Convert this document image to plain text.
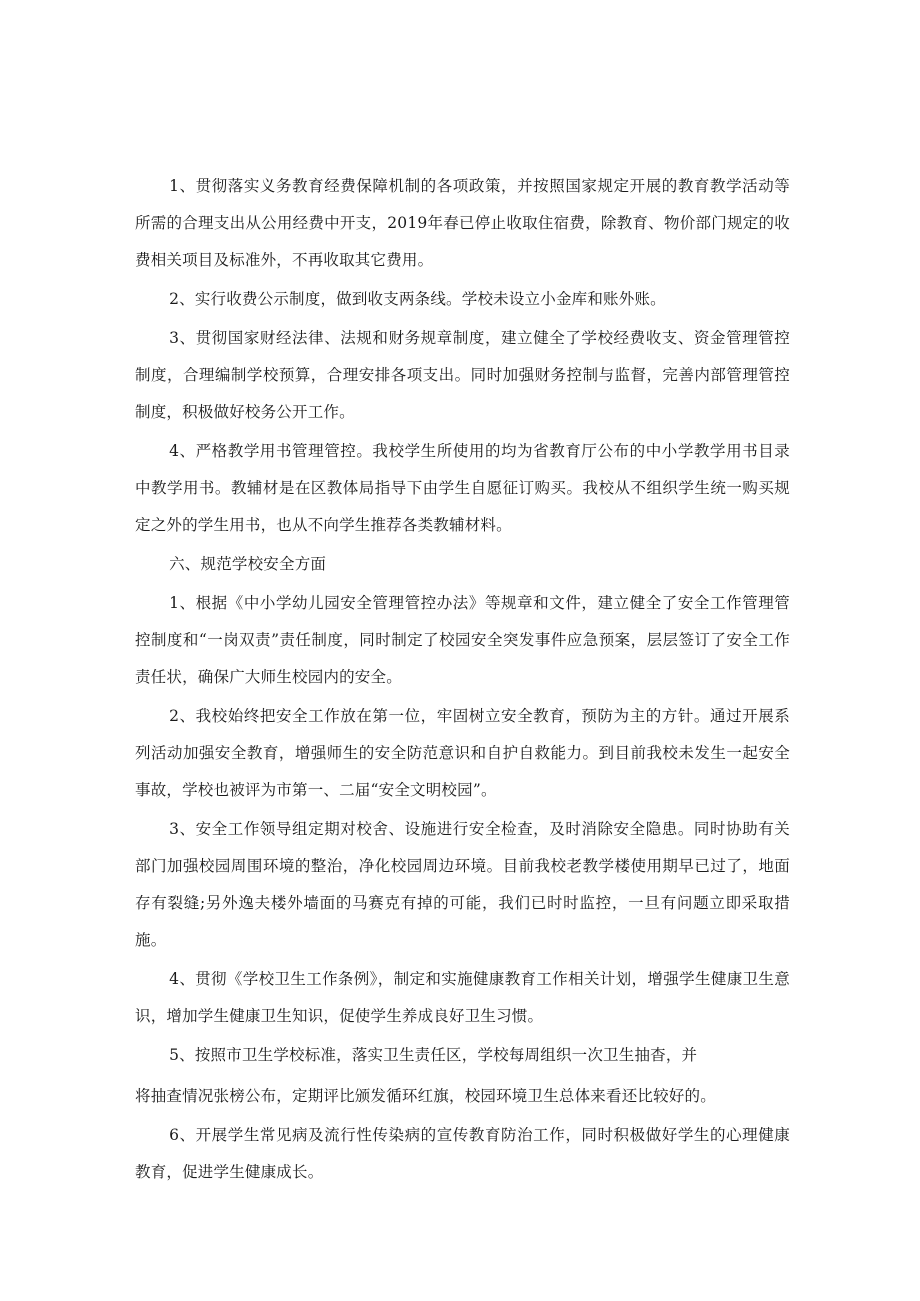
1、贯彻落实义务教育经费保障机制的各项政策，并按照国家规定开展的教育教学活动等所需的合理支出从公用经费中开支，2019年春已停止收取住宿费，除教育、物价部门规定的收费相关项目及标准外，不再收取其它费用。

2、实行收费公示制度，做到收支两条线。学校未设立小金库和账外账。

3、贯彻国家财经法律、法规和财务规章制度，建立健全了学校经费收支、资金管理管控制度，合理编制学校预算，合理安排各项支出。同时加强财务控制与监督，完善内部管理管控制度，积极做好校务公开工作。

4、严格教学用书管理管控。我校学生所使用的均为省教育厅公布的中小学教学用书目录中教学用书。教辅材是在区教体局指导下由学生自愿征订购买。我校从不组织学生统一购买规定之外的学生用书，也从不向学生推荐各类教辅材料。

六、规范学校安全方面

1、根据《中小学幼儿园安全管理管控办法》等规章和文件，建立健全了安全工作管理管控制度和“一岗双责”责任制度，同时制定了校园安全突发事件应急预案，层层签订了安全工作责任状，确保广大师生校园内的安全。

2、我校始终把安全工作放在第一位，牢固树立安全教育，预防为主的方针。通过开展系列活动加强安全教育，增强师生的安全防范意识和自护自救能力。到目前我校未发生一起安全事故，学校也被评为市第一、二届“安全文明校园”。

3、安全工作领导组定期对校舍、设施进行安全检查，及时消除安全隐患。同时协助有关部门加强校园周围环境的整治，净化校园周边环境。目前我校老教学楼使用期早已过了，地面存有裂缝;另外逸夫楼外墙面的马赛克有掉的可能，我们已时时监控，一旦有问题立即采取措施。

4、贯彻《学校卫生工作条例》，制定和实施健康教育工作相关计划，增强学生健康卫生意识，增加学生健康卫生知识，促使学生养成良好卫生习惯。

5、按照市卫生学校标准，落实卫生责任区，学校每周组织一次卫生抽杳，并

将抽查情况张榜公布，定期评比颁发循环红旗，校园环境卫生总体来看还比较好的。

6、开展学生常见病及流行性传染病的宣传教育防治工作，同时积极做好学生的心理健康教育，促进学生健康成长。
